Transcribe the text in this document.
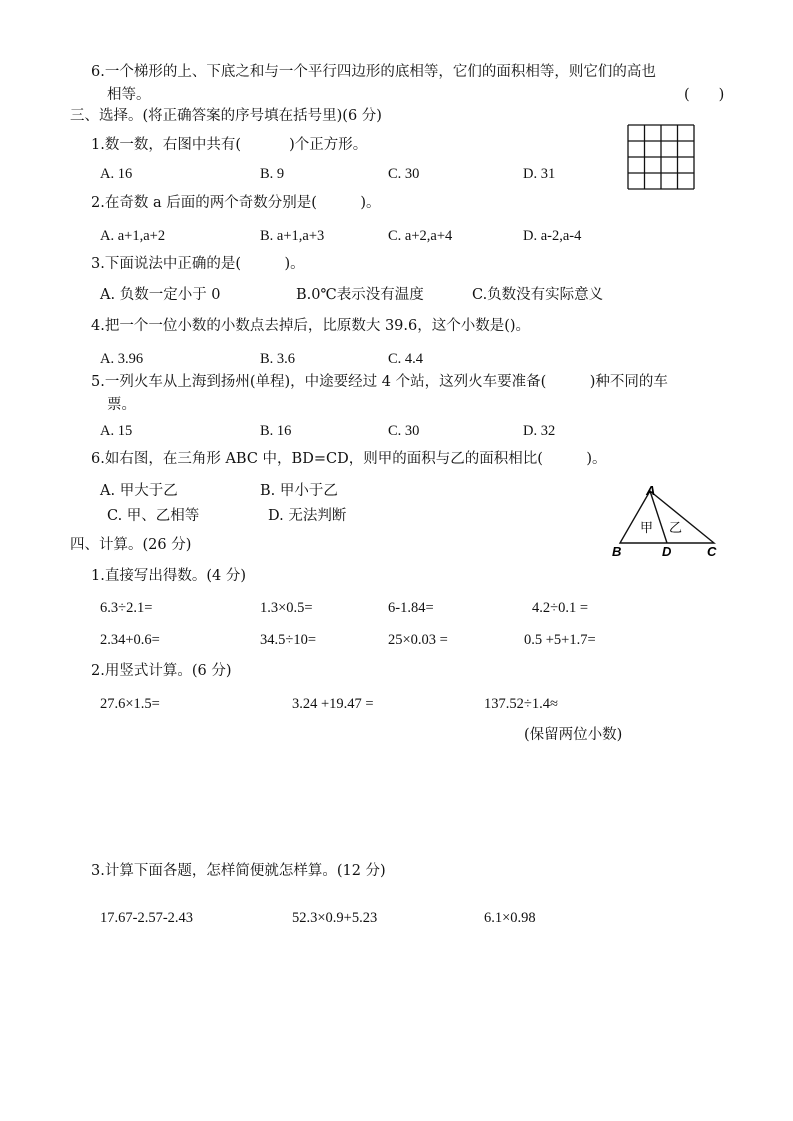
6.一个梯形的上、下底之和与一个平行四边形的底相等，它们的面积相等，则它们的高也
相等。	(　　)
三、选择。(将正确答案的序号填在括号里)(6 分)
1.数一数，右图中共有(　　　 )个正方形。
A. 16	B. 9	C. 30	D. 31
2.在奇数 a 后面的两个奇数分别是(　　　)。
A. a+1,a+2	B. a+1,a+3	C. a+2,a+4	D. a-2,a-4
3.下面说法中正确的是(　　　)。
A. 负数一定小于 0	B.0℃表示没有温度	C.负数没有实际意义
4.把一个一位小数的小数点去掉后，比原数大 39.6，这个小数是()。
A. 3.96	B. 3.6	C. 4.4
5.一列火车从上海到扬州(单程)，中途要经过 4 个站，这列火车要准备(　　　)种不同的车
票。
A. 15	B. 16	C. 30	D. 32
6.如右图，在三角形 ABC 中，BD=CD，则甲的面积与乙的面积相比(　　　)。
A. 甲大于乙	B. 甲小于乙
C. 甲、乙相等	D. 无法判断
A
B	D	C
甲 乙
四、计算。(26 分)
1.直接写出得数。(4 分)
6.3÷2.1=	1.3×0.5=	6-1.84=	4.2÷0.1 =
2.34+0.6=	34.5÷10=	25×0.03 =	0.5 +5+1.7=
2.用竖式计算。(6 分)
27.6×1.5=	3.24 +19.47 =	137.52÷1.4≈
(保留两位小数)
3.计算下面各题，怎样简便就怎样算。(12 分)
17.67-2.57-2.43	52.3×0.9+5.23	6.1×0.98
